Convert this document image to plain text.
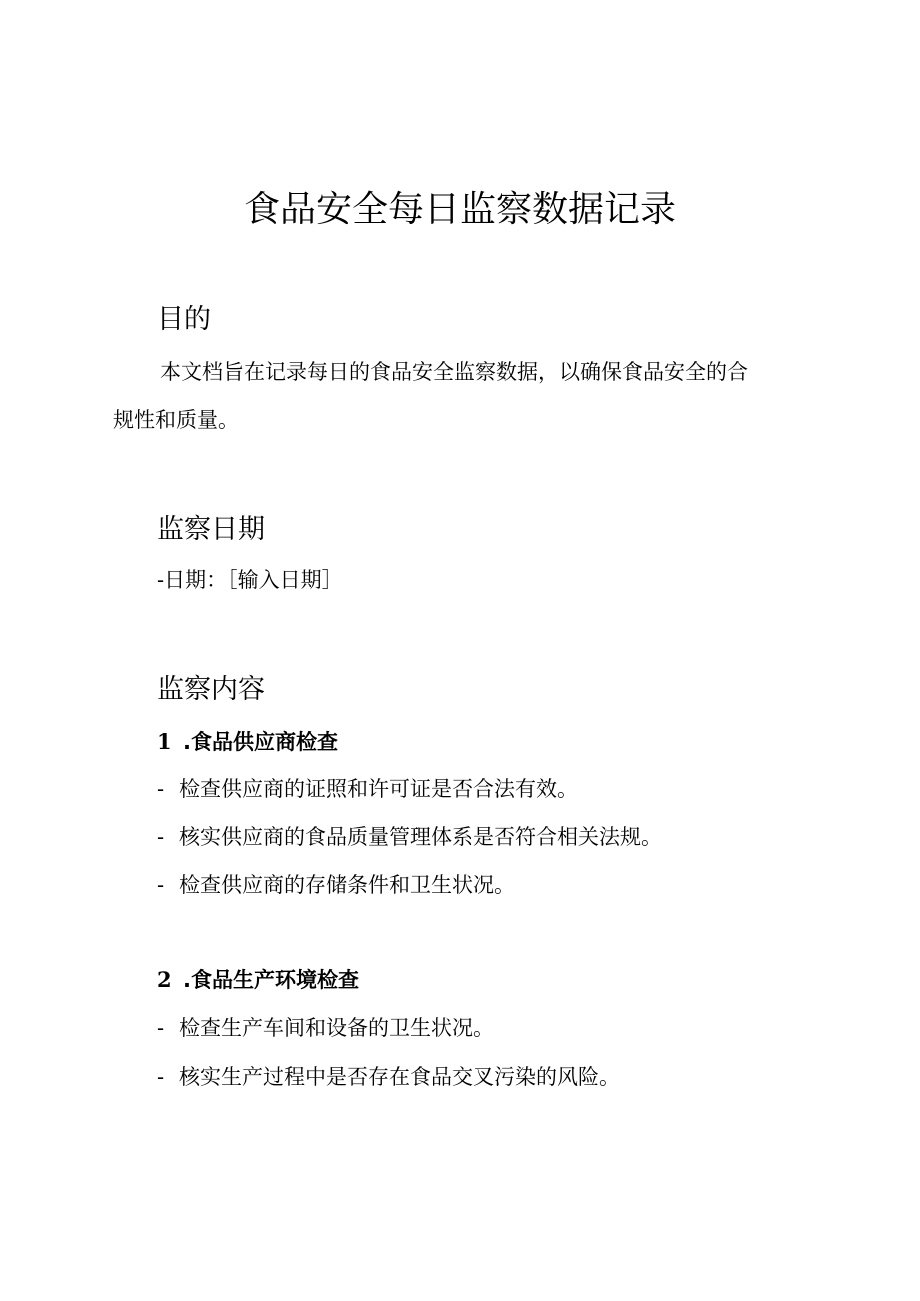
食品安全每日监察数据记录
目的

本文档旨在记录每日的食品安全监察数据，以确保食品安全的合

规性和质量。

监察日期

-日期：［输入日期］

监察内容

1 .食品供应商检查

- 检查供应商的证照和许可证是否合法有效。

- 核实供应商的食品质量管理体系是否符合相关法规。

- 检查供应商的存储条件和卫生状况。

2 .食品生产环境检查

- 检查生产车间和设备的卫生状况。

- 核实生产过程中是否存在食品交叉污染的风险。
